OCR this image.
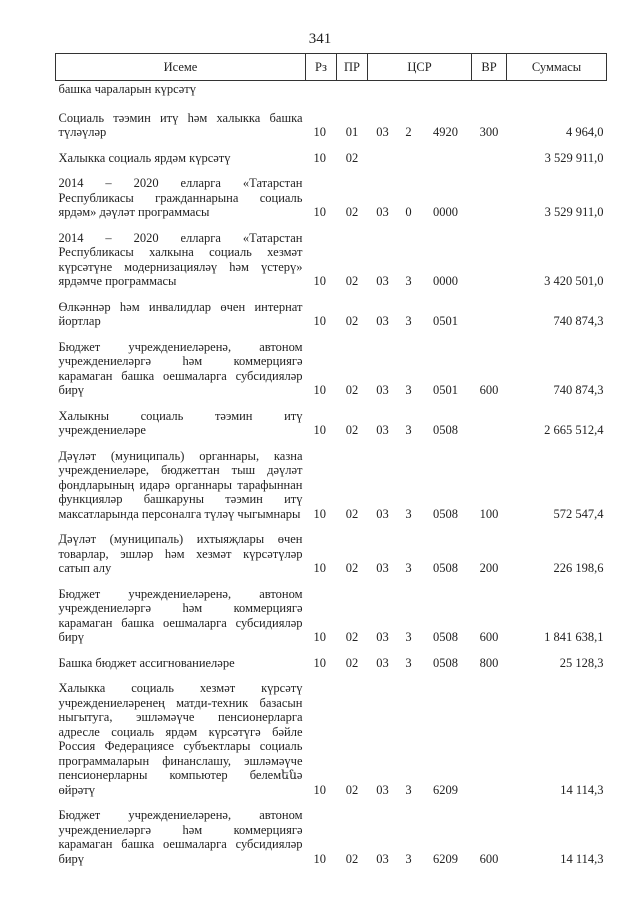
341
Исеме	Рз	ПР	ЦСР			ВР	Суммасы
башка чараларын күрсәтү							
Социаль тәэмин итү һәм халыкка башка түләүләр	10	01	03	2	4920	300	4 964,0
Халыкка социаль ярдәм күрсәтү	10	02					3 529 911,0
2014 – 2020 елларга «Татарстан Республикасы гражданнарына социаль ярдәм» дәүләт программасы	10	02	03	0	0000		3 529 911,0
2014 – 2020 елларга «Татарстан Республикасы халкына социаль хезмәт күрсәтүне модернизацияләү һәм үстерү» ярдәмче программасы	10	02	03	3	0000		3 420 501,0
Өлкәннәр һәм инвалидлар өчен интернат йортлар	10	02	03	3	0501		740 874,3
Бюджет учреждениеләренә, автоном учреждениеләргә һәм коммерциягә карамаган башка оешмаларга субсидияләр бирү	10	02	03	3	0501	600	740 874,3
Халыкны социаль тәэмин итү учреждениеләре	10	02	03	3	0508		2 665 512,4
Дәүләт (муниципаль) органнары, казна учреждениеләре, бюджеттан тыш дәүләт фондларының идарә органнары тарафыннан функцияләр башкаруны тәэмин итү максатларында персоналга түләү чыгымнары	10	02	03	3	0508	100	572 547,4
Дәүләт (муниципаль) ихтыяҗлары өчен товарлар, эшләр һәм хезмәт күрсәтүләр сатып алу	10	02	03	3	0508	200	226 198,6
Бюджет учреждениеләренә, автоном учреждениеләргә һәм коммерциягә карамаган башка оешмаларга субсидияләр бирү	10	02	03	3	0508	600	1 841 638,1
Башка бюджет ассигнованиеләре	10	02	03	3	0508	800	25 128,3
Халыкка социаль хезмәт күрсәтү учреждениеләренең матди-техник базасын ныгытуга, эшләмәүче пенсионерларга адресле социаль ярдәм күрсәтүгә бәйле Россия Федерациясе субъектлары социаль программаларын финанслашу, эшләмәүче пенсионерларны компьютер белемենә өйрәтү	10	02	03	3	6209		14 114,3
Бюджет учреждениеләренә, автоном учреждениеләргә һәм коммерциягә карамаган башка оешмаларга субсидияләр бирү	10	02	03	3	6209	600	14 114,3
